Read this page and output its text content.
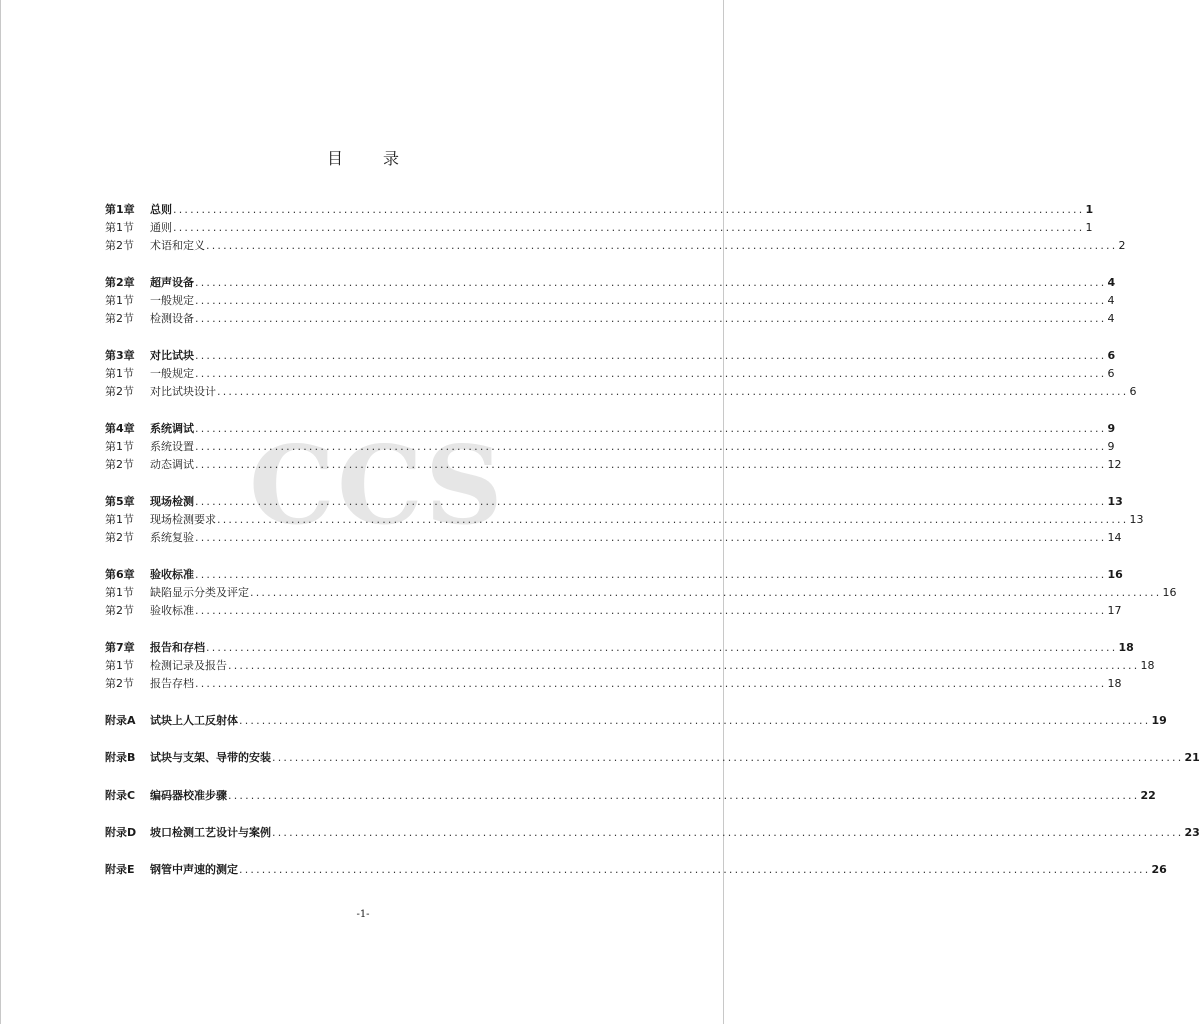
CCS
目录
第1章	总则 ................................................................................................................................................................ 1
第1节	通则 ................................................................................................................................................................ 1
第2节	术语和定义 ................................................................................................................................................................ 2
第2章	超声设备 ................................................................................................................................................................ 4
第1节	一般规定 ................................................................................................................................................................ 4
第2节	检测设备 ................................................................................................................................................................ 4
第3章	对比试块 ................................................................................................................................................................ 6
第1节	一般规定 ................................................................................................................................................................ 6
第2节	对比试块设计 ................................................................................................................................................................ 6
第4章	系统调试 ................................................................................................................................................................ 9
第1节	系统设置 ................................................................................................................................................................ 9
第2节	动态调试 ................................................................................................................................................................ 12
第5章	现场检测 ................................................................................................................................................................ 13
第1节	现场检测要求 ................................................................................................................................................................ 13
第2节	系统复验 ................................................................................................................................................................ 14
第6章	验收标准 ................................................................................................................................................................ 16
第1节	缺陷显示分类及评定 ................................................................................................................................................................ 16
第2节	验收标准 ................................................................................................................................................................ 17
第7章	报告和存档 ................................................................................................................................................................ 18
第1节	检测记录及报告 ................................................................................................................................................................ 18
第2节	报告存档 ................................................................................................................................................................ 18
附录A	试块上人工反射体 ................................................................................................................................................................ 19
附录B	试块与支架、导带的安装 ................................................................................................................................................................ 21
附录C	编码器校准步骤 ................................................................................................................................................................ 22
附录D	坡口检测工艺设计与案例 ................................................................................................................................................................ 23
附录E	钢管中声速的测定 ................................................................................................................................................................ 26
-1-
